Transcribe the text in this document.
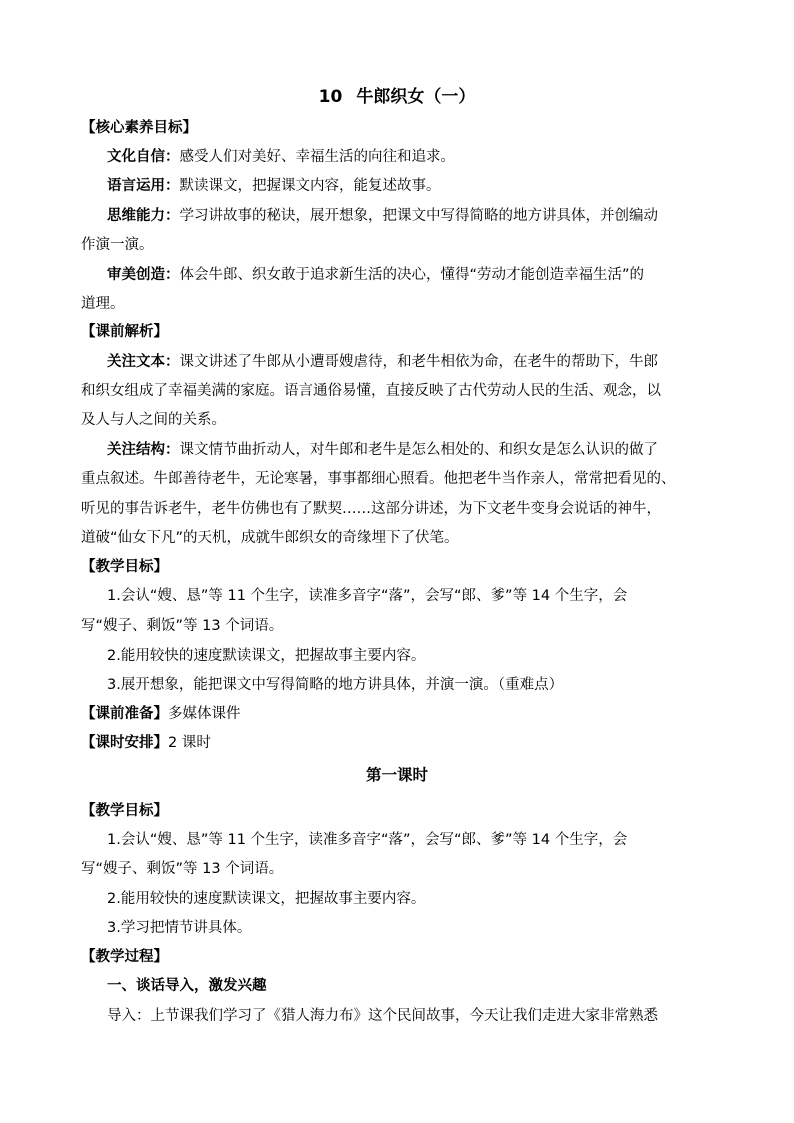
10 牛郎织女（一）
【核心素养目标】
文化自信：感受人们对美好、幸福生活的向往和追求。
语言运用：默读课文，把握课文内容，能复述故事。
思维能力：学习讲故事的秘诀，展开想象，把课文中写得简略的地方讲具体，并创编动
作演一演。
审美创造：体会牛郎、织女敢于追求新生活的决心，懂得“劳动才能创造幸福生活”的
道理。
【课前解析】
关注文本：课文讲述了牛郎从小遭哥嫂虐待，和老牛相依为命，在老牛的帮助下，牛郎
和织女组成了幸福美满的家庭。语言通俗易懂，直接反映了古代劳动人民的生活、观念，以
及人与人之间的关系。
关注结构：课文情节曲折动人，对牛郎和老牛是怎么相处的、和织女是怎么认识的做了
重点叙述。牛郎善待老牛，无论寒暑，事事都细心照看。他把老牛当作亲人，常常把看见的、
听见的事告诉老牛，老牛仿佛也有了默契……这部分讲述，为下文老牛变身会说话的神牛，
道破“仙女下凡”的天机，成就牛郎织女的奇缘埋下了伏笔。
【教学目标】
1.会认“嫂、恳”等 11 个生字，读准多音字“落”，会写“郎、爹”等 14 个生字，会
写“嫂子、剩饭”等 13 个词语。
2.能用较快的速度默读课文，把握故事主要内容。
3.展开想象，能把课文中写得简略的地方讲具体，并演一演。（重难点）
【课前准备】多媒体课件
【课时安排】2 课时
第一课时
【教学目标】
1.会认“嫂、恳”等 11 个生字，读准多音字“落”，会写“郎、爹”等 14 个生字，会
写“嫂子、剩饭”等 13 个词语。
2.能用较快的速度默读课文，把握故事主要内容。
3.学习把情节讲具体。
【教学过程】
一、谈话导入，激发兴趣
导入：上节课我们学习了《猎人海力布》这个民间故事，今天让我们走进大家非常熟悉
